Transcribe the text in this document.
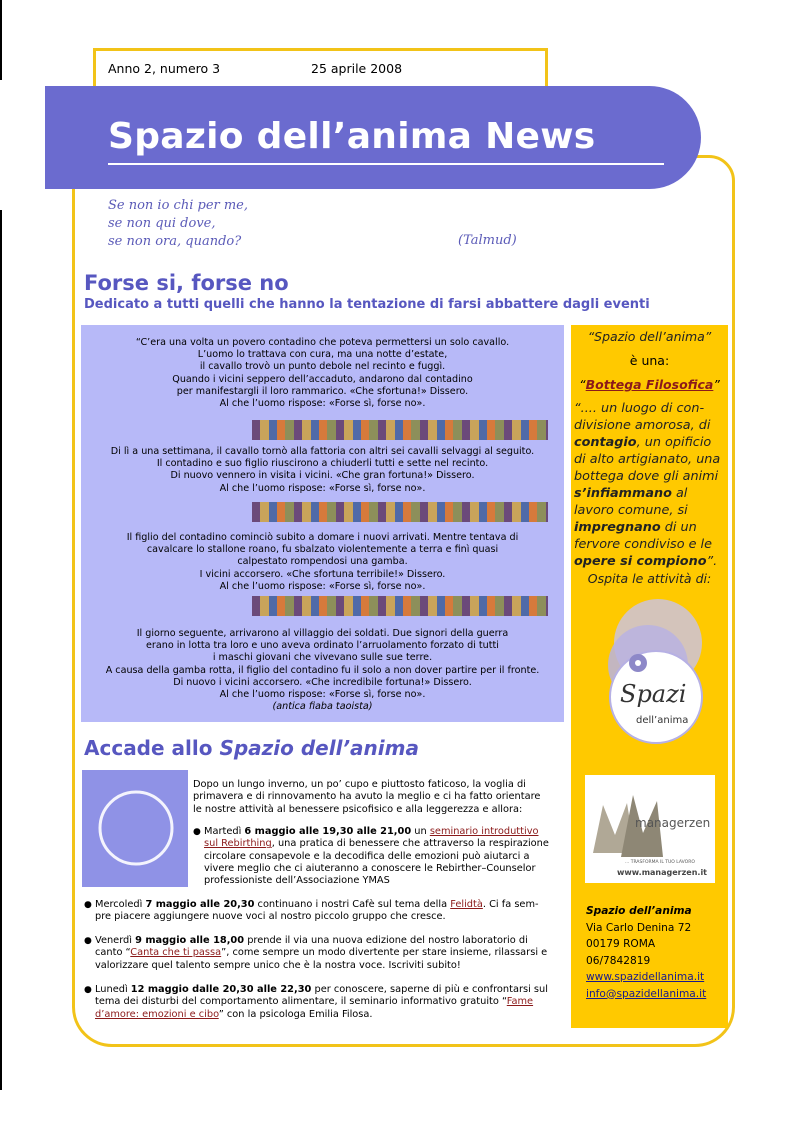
Anno 2, numero 3	25 aprile 2008
Spazio dell’anima News
Se non io chi per me,
se non qui dove,
se non ora, quando?	(Talmud)
Forse si, forse no
Dedicato a tutti quelli che hanno la tentazione di farsi abbattere dagli eventi
“C’era una volta un povero contadino che poteva permettersi un solo cavallo.
L’uomo lo trattava con cura, ma una notte d’estate,
il cavallo trovò un punto debole nel recinto e fuggì.
Quando i vicini seppero dell’accaduto, andarono dal contadino
per manifestargli il loro rammarico. «Che sfortuna!» Dissero.
Al che l’uomo rispose: «Forse sì, forse no».
Di lì a una settimana, il cavallo tornò alla fattoria con altri sei cavalli selvaggi al seguito.
Il contadino e suo figlio riuscirono a chiuderli tutti e sette nel recinto.
Di nuovo vennero in visita i vicini. «Che gran fortuna!» Dissero.
Al che l’uomo rispose: «Forse sì, forse no».
Il figlio del contadino cominciò subito a domare i nuovi arrivati. Mentre tentava di
cavalcare lo stallone roano, fu sbalzato violentemente a terra e finì quasi
calpestato rompendosi una gamba.
I vicini accorsero. «Che sfortuna terribile!» Dissero.
Al che l’uomo rispose: «Forse sì, forse no».
Il giorno seguente, arrivarono al villaggio dei soldati. Due signori della guerra
erano in lotta tra loro e uno aveva ordinato l’arruolamento forzato di tutti
i maschi giovani che vivevano sulle sue terre.
A causa della gamba rotta, il figlio del contadino fu il solo a non dover partire per il fronte.
Di nuovo i vicini accorsero. «Che incredibile fortuna!» Dissero.
Al che l’uomo rispose: «Forse sì, forse no».
(antica fiaba taoista)
“Spazio dell’anima”
è una:
“Bottega Filosofica”
“.... un luogo di con-divisione amorosa, di contagio, un opificio di alto artigianato, una bottega dove gli animi s’infiammano al lavoro comune, si impregnano di un fervore condiviso e le opere si compiono”.
Ospita le attività di:
Spazi
dell’anima
managerzen
... TRASFORMA IL TUO LAVORO
www.managerzen.it
Spazio dell’anima
Via Carlo Denina 72
00179 ROMA
06/7842819
www.spazidellanima.it
info@spazidellanima.it
Accade allo Spazio dell’anima
Dopo un lungo inverno, un po’ cupo e piuttosto faticoso, la voglia di
primavera e di rinnovamento ha avuto la meglio e ci ha fatto orientare
le nostre attività al benessere psicofisico e alla leggerezza e allora:
● Martedì 6 maggio alle 19,30 alle 21,00 un seminario introduttivo
sul Rebirthing, una pratica di benessere che attraverso la respirazione
circolare consapevole e la decodifica delle emozioni può aiutarci a
vivere meglio che ci aiuteranno a conoscere le Rebirther–Counselor
professioniste dell’Associazione YMAS
● Mercoledì 7 maggio alle 20,30 continuano i nostri Cafè sul tema della Felidtà. Ci fa sem-
pre piacere aggiungere nuove voci al nostro piccolo gruppo che cresce.
● Venerdì 9 maggio alle 18,00 prende il via una nuova edizione del nostro laboratorio di
canto “Canta che ti passa”, come sempre un modo divertente per stare insieme, rilassarsi e
valorizzare quel talento sempre unico che è la nostra voce. Iscriviti subito!
● Lunedì 12 maggio dalle 20,30 alle 22,30 per conoscere, saperne di più e confrontarsi sul
tema dei disturbi del comportamento alimentare, il seminario informativo gratuito “Fame
d’amore: emozioni e cibo” con la psicologa Emilia Filosa.
